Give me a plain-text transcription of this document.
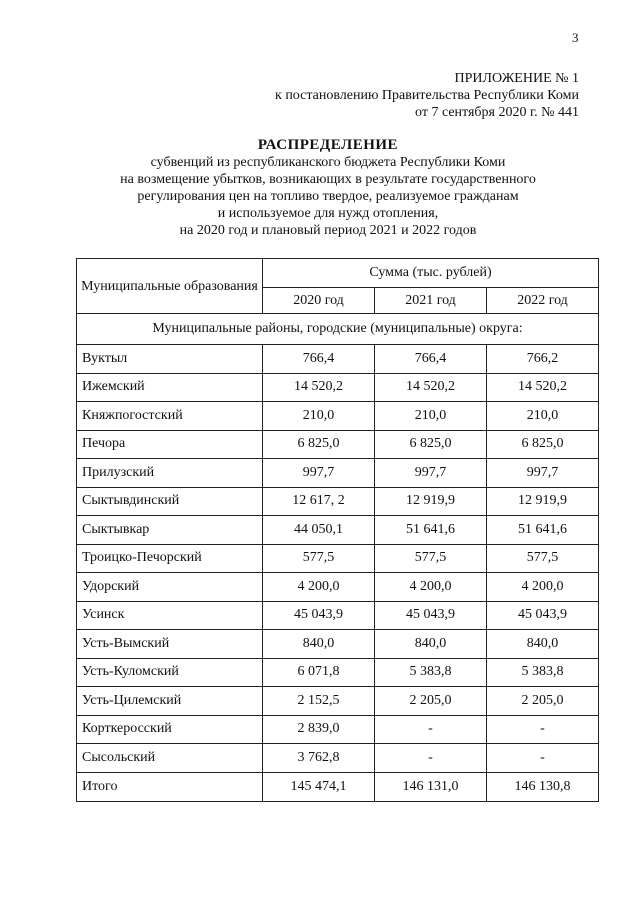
3
ПРИЛОЖЕНИЕ № 1
к постановлению Правительства Республики Коми
от 7 сентября 2020 г. № 441
РАСПРЕДЕЛЕНИЕ
субвенций из республиканского бюджета Республики Коми
на возмещение убытков, возникающих в результате государственного
регулирования цен на топливо твердое, реализуемое гражданам
и используемое для нужд отопления,
на 2020 год и плановый период 2021 и 2022 годов
Муниципальные образования	Сумма (тыс. рублей)		
	2020 год	2021 год	2022 год
Муниципальные районы, городские (муниципальные) округа:			
Вуктыл	766,4	766,4	766,2
Ижемский	14 520,2	14 520,2	14 520,2
Княжпогостский	210,0	210,0	210,0
Печора	6 825,0	6 825,0	6 825,0
Прилузский	997,7	997,7	997,7
Сыктывдинский	12 617, 2	12 919,9	12 919,9
Сыктывкар	44 050,1	51 641,6	51 641,6
Троицко-Печорский	577,5	577,5	577,5
Удорский	4 200,0	4 200,0	4 200,0
Усинск	45 043,9	45 043,9	45 043,9
Усть-Вымский	840,0	840,0	840,0
Усть-Куломский	6 071,8	5 383,8	5 383,8
Усть-Цилемский	2 152,5	2 205,0	2 205,0
Корткеросский	2 839,0	-	-
Сысольский	3 762,8	-	-
Итого	145 474,1	146 131,0	146 130,8
